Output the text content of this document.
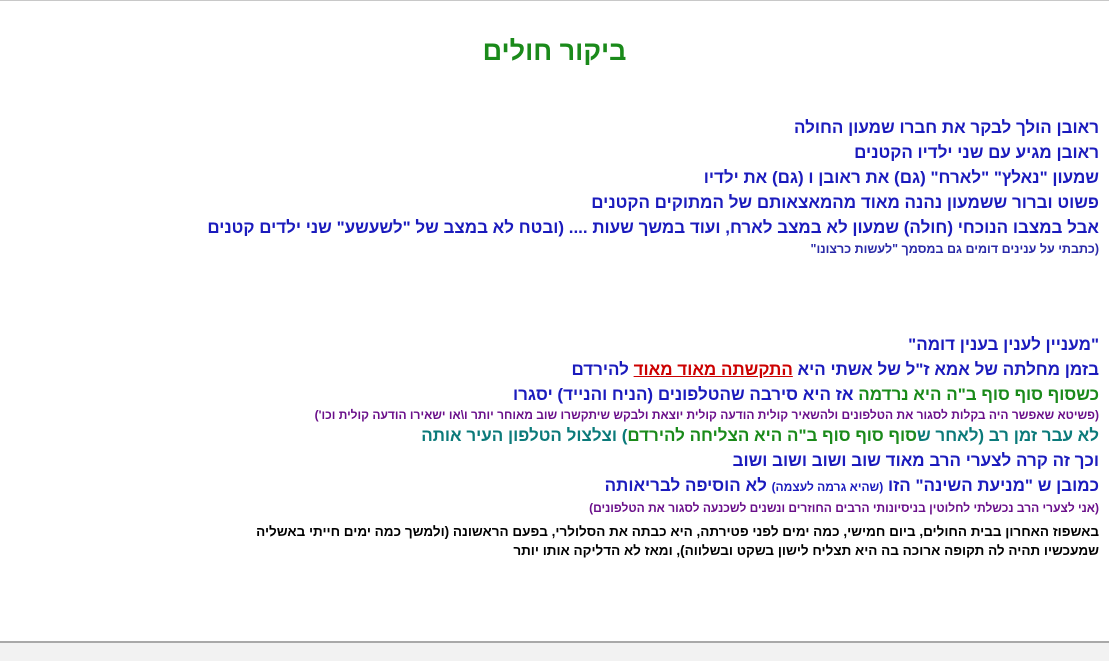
ביקור חולים
ראובן הולך לבקר את חברו שמעון החולה
ראובן מגיע עם שני ילדיו הקטנים
שמעון "נאלץ" "לארח" (גם) את ראובן ו (גם) את ילדיו
פשוט וברור ששמעון נהנה מאוד מהמאצאותם של המתוקים הקטנים
אבל במצבו הנוכחי (חולה) שמעון לא במצב לארח, ועוד במשך שעות .... (ובטח לא במצב של "לשעשע" שני ילדים קטנים
(כתבתי על ענינים דומים גם במסמך "לעשות כרצונו"
"מעניין לענין בענין דומה"
בזמן מחלתה של אמא ז"ל של אשתי היא התקשתה מאוד מאוד להירדם
כשסוף סוף סוף ב"ה היא נרדמה אז היא סירבה שהטלפונים (הניח והנייד) יסגרו
(פשיטא שאפשר היה בקלות לסגור את הטלפונים ולהשאיר קולית הודעה קולית יוצאת ולבקש שיתקשרו שוב מאוחר יותר ו\או ישאירו הודעה קולית וכו')
לא עבר זמן רב (לאחר שסוף סוף סוף ב"ה היא הצליחה להירדם) וצלצול הטלפון העיר אותה
וכך זה קרה לצערי הרב מאוד שוב ושוב ושוב ושוב
כמובן ש "מניעת השינה" הזו (שהיא גרמה לעצמה) לא הוסיפה לבריאותה
(אני לצערי הרב נכשלתי לחלוטין בניסיונותי הרבים החוזרים ונשנים לשכנעה לסגור את הטלפונים)
באשפוז האחרון בבית החולים, ביום חמישי, כמה ימים לפני פטירתה, היא כבתה את הסלולרי, בפעם הראשונה (ולמשך כמה ימים חייתי באשליה
שמעכשיו תהיה לה תקופה ארוכה בה היא תצליח לישון בשקט ובשלווה), ומאז לא הדליקה אותו יותר
